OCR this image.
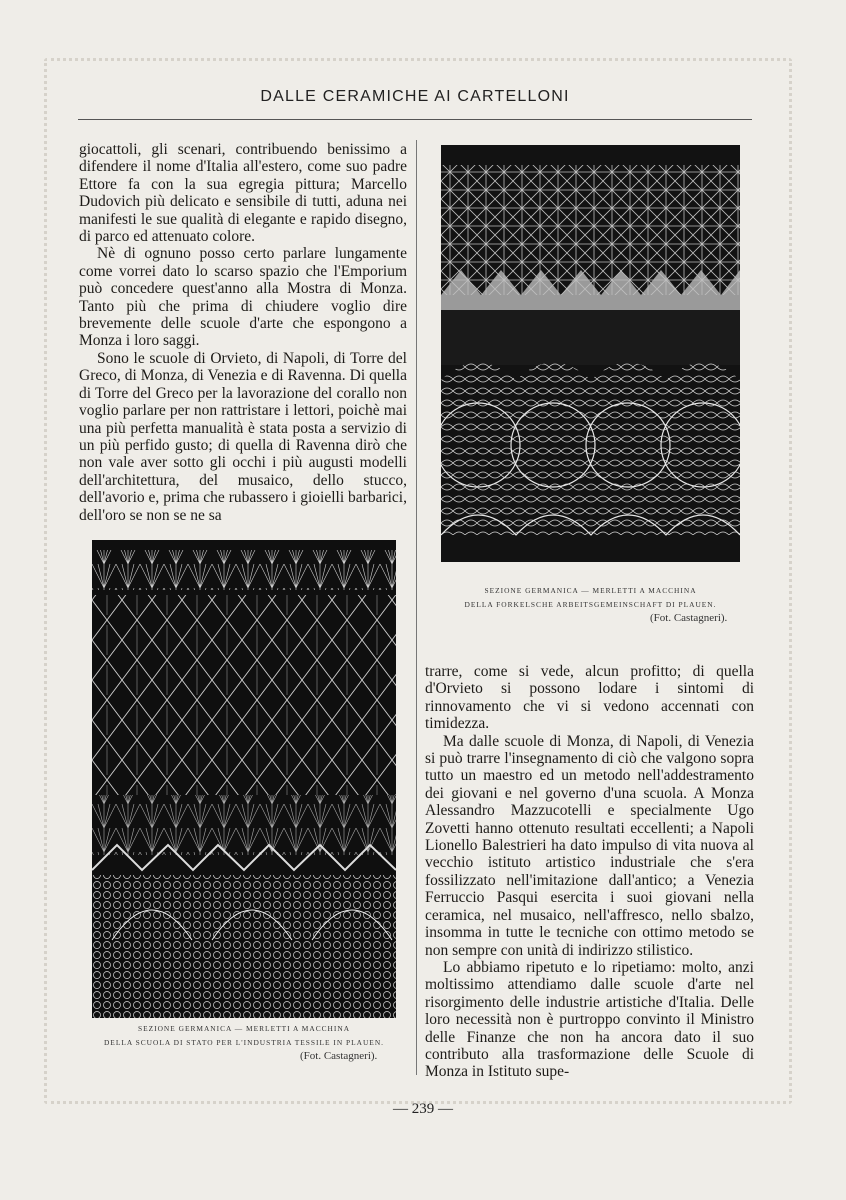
DALLE CERAMICHE AI CARTELLONI

giocattoli, gli scenari, contribuendo benissimo a difendere il nome d'Italia all'estero, come suo padre Ettore fa con la sua egregia pittura; Marcello Dudovich più delicato e sensibile di tutti, aduna nei manifesti le sue qualità di elegante e rapido disegno, di parco ed attenuato colore.

Nè di ognuno posso certo parlare lungamente come vorrei dato lo scarso spazio che l'Emporium può concedere quest'anno alla Mostra di Monza. Tanto più che prima di chiudere voglio dire brevemente delle scuole d'arte che espongono a Monza i loro saggi.

Sono le scuole di Orvieto, di Napoli, di Torre del Greco, di Monza, di Venezia e di Ravenna. Di quella di Torre del Greco per la lavorazione del corallo non voglio parlare per non rattristare i lettori, poichè mai una più perfetta manualità è stata posta a servizio di un più perfido gusto; di quella di Ravenna dirò che non vale aver sotto gli occhi i più augusti modelli dell'architettura, del musaico, dello stucco, dell'avorio e, prima che rubassero i gioielli barbarici, dell'oro se non se ne sa

SEZIONE GERMANICA — MERLETTI A MACCHINA
DELLA FORKELSCHE ARBEITSGEMEINSCHAFT DI PLAUEN.
(Fot. Castagneri).
SEZIONE GERMANICA — MERLETTI A MACCHINA
DELLA SCUOLA DI STATO PER L'INDUSTRIA TESSILE IN PLAUEN.
(Fot. Castagneri).

trarre, come si vede, alcun profitto; di quella d'Orvieto si possono lodare i sintomi di rinnovamento che vi si vedono accennati con timidezza.

Ma dalle scuole di Monza, di Napoli, di Venezia si può trarre l'insegnamento di ciò che valgono sopra tutto un maestro ed un metodo nell'addestramento dei giovani e nel governo d'una scuola. A Monza Alessandro Mazzucotelli e specialmente Ugo Zovetti hanno ottenuto resultati eccellenti; a Napoli Lionello Balestrieri ha dato impulso di vita nuova al vecchio istituto artistico industriale che s'era fossilizzato nell'imitazione dall'antico; a Venezia Ferruccio Pasqui esercita i suoi giovani nella ceramica, nel musaico, nell'affresco, nello sbalzo, insomma in tutte le tecniche con ottimo metodo se non sempre con unità di indirizzo stilistico.

Lo abbiamo ripetuto e lo ripetiamo: molto, anzi moltissimo attendiamo dalle scuole d'arte nel risorgimento delle industrie artistiche d'Italia. Delle loro necessità non è purtroppo convinto il Ministro delle Finanze che non ha ancora dato il suo contributo alla trasformazione delle Scuole di Monza in Istituto supe-

— 239 —
